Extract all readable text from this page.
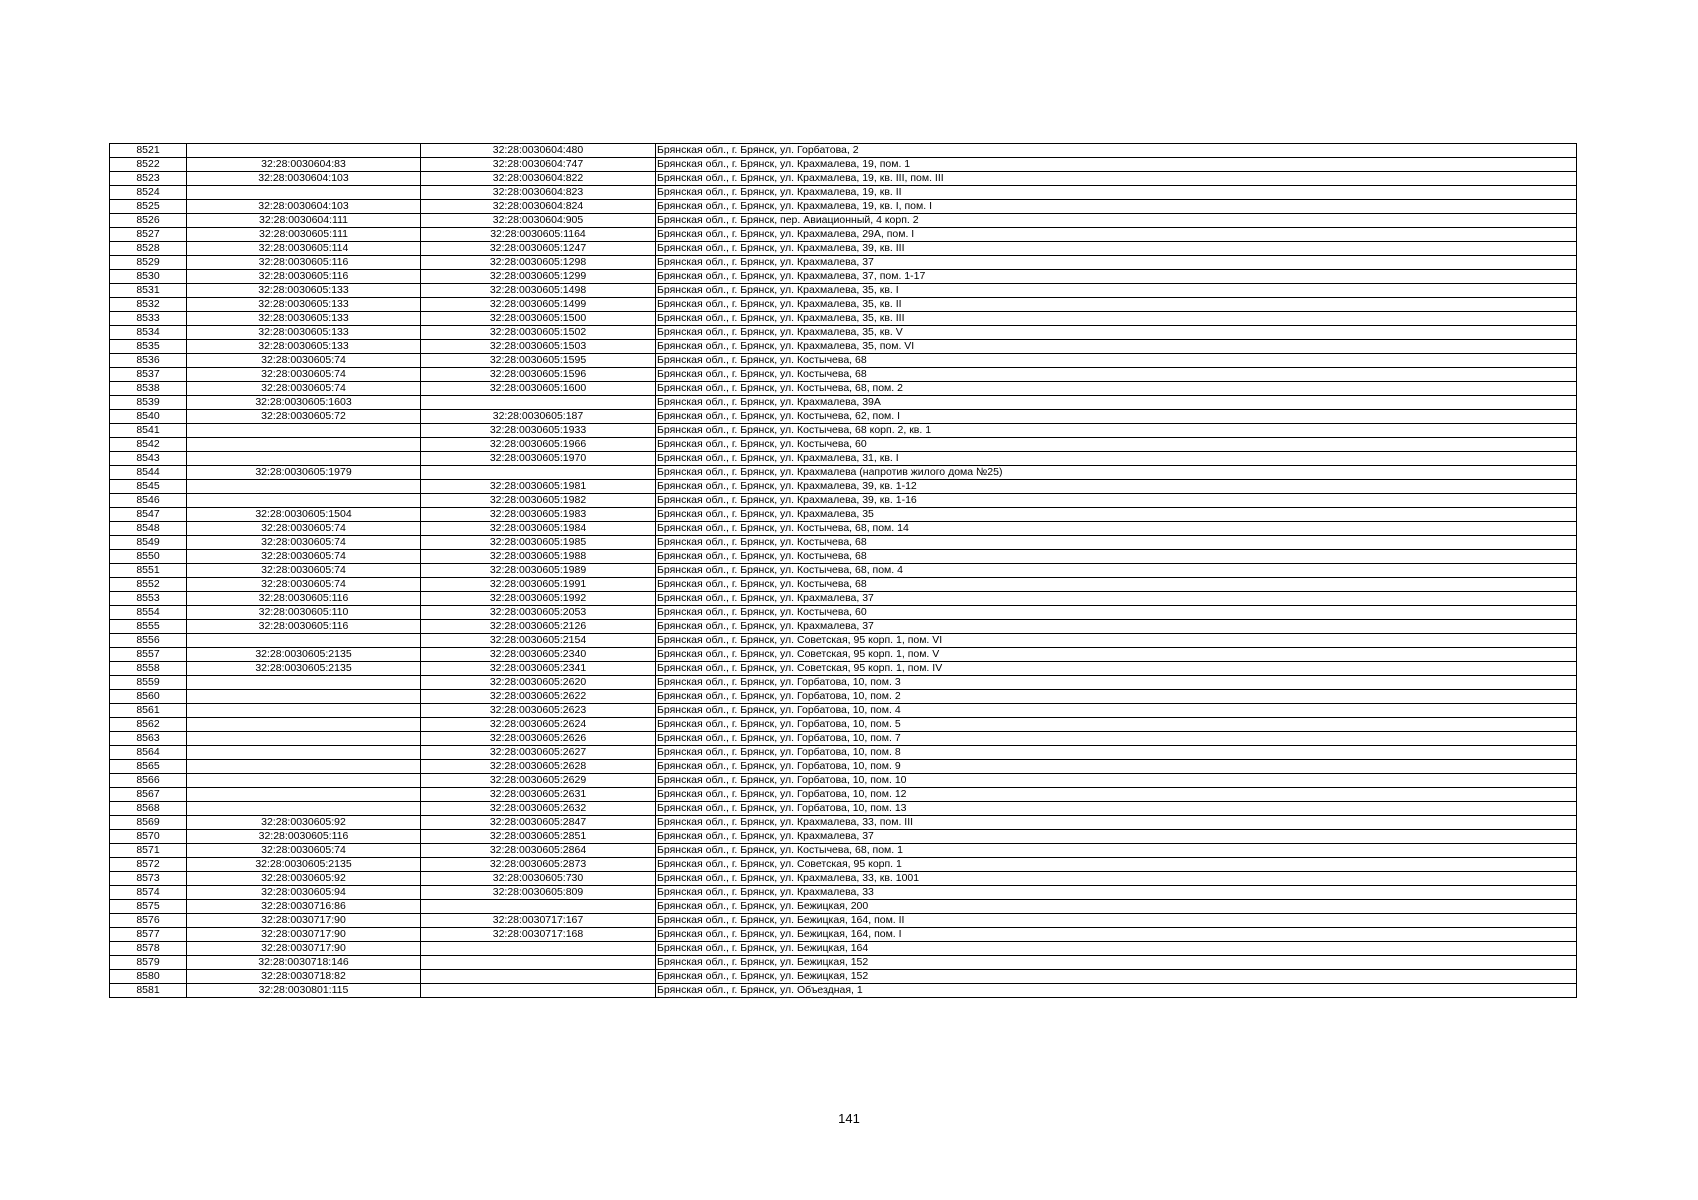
8521		32:28:0030604:480	Брянская обл., г. Брянск, ул. Горбатова, 2
8522	32:28:0030604:83	32:28:0030604:747	Брянская обл., г. Брянск, ул. Крахмалева, 19, пом. 1
8523	32:28:0030604:103	32:28:0030604:822	Брянская обл., г. Брянск, ул. Крахмалева, 19, кв. III, пом. III
8524		32:28:0030604:823	Брянская обл., г. Брянск, ул. Крахмалева, 19, кв. II
8525	32:28:0030604:103	32:28:0030604:824	Брянская обл., г. Брянск, ул. Крахмалева, 19, кв. I, пом. I
8526	32:28:0030604:111	32:28:0030604:905	Брянская обл., г. Брянск, пер. Авиационный, 4 корп. 2
8527	32:28:0030605:111	32:28:0030605:1164	Брянская обл., г. Брянск, ул. Крахмалева, 29А, пом. I
8528	32:28:0030605:114	32:28:0030605:1247	Брянская обл., г. Брянск, ул. Крахмалева, 39, кв. III
8529	32:28:0030605:116	32:28:0030605:1298	Брянская обл., г. Брянск, ул. Крахмалева, 37
8530	32:28:0030605:116	32:28:0030605:1299	Брянская обл., г. Брянск, ул. Крахмалева, 37, пом. 1-17
8531	32:28:0030605:133	32:28:0030605:1498	Брянская обл., г. Брянск, ул. Крахмалева, 35, кв. I
8532	32:28:0030605:133	32:28:0030605:1499	Брянская обл., г. Брянск, ул. Крахмалева, 35, кв. II
8533	32:28:0030605:133	32:28:0030605:1500	Брянская обл., г. Брянск, ул. Крахмалева, 35, кв. III
8534	32:28:0030605:133	32:28:0030605:1502	Брянская обл., г. Брянск, ул. Крахмалева, 35, кв. V
8535	32:28:0030605:133	32:28:0030605:1503	Брянская обл., г. Брянск, ул. Крахмалева, 35, пом. VI
8536	32:28:0030605:74	32:28:0030605:1595	Брянская обл., г. Брянск, ул. Костычева, 68
8537	32:28:0030605:74	32:28:0030605:1596	Брянская обл., г. Брянск, ул. Костычева, 68
8538	32:28:0030605:74	32:28:0030605:1600	Брянская обл., г. Брянск, ул. Костычева, 68, пом. 2
8539	32:28:0030605:1603		Брянская обл., г. Брянск, ул. Крахмалева, 39А
8540	32:28:0030605:72	32:28:0030605:187	Брянская обл., г. Брянск, ул. Костычева, 62, пом. I
8541		32:28:0030605:1933	Брянская обл., г. Брянск, ул. Костычева, 68 корп. 2, кв. 1
8542		32:28:0030605:1966	Брянская обл., г. Брянск, ул. Костычева, 60
8543		32:28:0030605:1970	Брянская обл., г. Брянск, ул. Крахмалева, 31, кв. I
8544	32:28:0030605:1979		Брянская обл., г. Брянск, ул. Крахмалева (напротив жилого дома №25)
8545		32:28:0030605:1981	Брянская обл., г. Брянск, ул. Крахмалева, 39, кв. 1-12
8546		32:28:0030605:1982	Брянская обл., г. Брянск, ул. Крахмалева, 39, кв. 1-16
8547	32:28:0030605:1504	32:28:0030605:1983	Брянская обл., г. Брянск, ул. Крахмалева, 35
8548	32:28:0030605:74	32:28:0030605:1984	Брянская обл., г. Брянск, ул. Костычева, 68, пом. 14
8549	32:28:0030605:74	32:28:0030605:1985	Брянская обл., г. Брянск, ул. Костычева, 68
8550	32:28:0030605:74	32:28:0030605:1988	Брянская обл., г. Брянск, ул. Костычева, 68
8551	32:28:0030605:74	32:28:0030605:1989	Брянская обл., г. Брянск, ул. Костычева, 68, пом. 4
8552	32:28:0030605:74	32:28:0030605:1991	Брянская обл., г. Брянск, ул. Костычева, 68
8553	32:28:0030605:116	32:28:0030605:1992	Брянская обл., г. Брянск, ул. Крахмалева, 37
8554	32:28:0030605:110	32:28:0030605:2053	Брянская обл., г. Брянск, ул. Костычева, 60
8555	32:28:0030605:116	32:28:0030605:2126	Брянская обл., г. Брянск, ул. Крахмалева, 37
8556		32:28:0030605:2154	Брянская обл., г. Брянск, ул. Советская, 95 корп. 1, пом. VI
8557	32:28:0030605:2135	32:28:0030605:2340	Брянская обл., г. Брянск, ул. Советская, 95 корп. 1, пом. V
8558	32:28:0030605:2135	32:28:0030605:2341	Брянская обл., г. Брянск, ул. Советская, 95 корп. 1, пом. IV
8559		32:28:0030605:2620	Брянская обл., г. Брянск, ул. Горбатова, 10, пом. 3
8560		32:28:0030605:2622	Брянская обл., г. Брянск, ул. Горбатова, 10, пом. 2
8561		32:28:0030605:2623	Брянская обл., г. Брянск, ул. Горбатова, 10, пом. 4
8562		32:28:0030605:2624	Брянская обл., г. Брянск, ул. Горбатова, 10, пом. 5
8563		32:28:0030605:2626	Брянская обл., г. Брянск, ул. Горбатова, 10, пом. 7
8564		32:28:0030605:2627	Брянская обл., г. Брянск, ул. Горбатова, 10, пом. 8
8565		32:28:0030605:2628	Брянская обл., г. Брянск, ул. Горбатова, 10, пом. 9
8566		32:28:0030605:2629	Брянская обл., г. Брянск, ул. Горбатова, 10, пом. 10
8567		32:28:0030605:2631	Брянская обл., г. Брянск, ул. Горбатова, 10, пом. 12
8568		32:28:0030605:2632	Брянская обл., г. Брянск, ул. Горбатова, 10, пом. 13
8569	32:28:0030605:92	32:28:0030605:2847	Брянская обл., г. Брянск, ул. Крахмалева, 33, пом. III
8570	32:28:0030605:116	32:28:0030605:2851	Брянская обл., г. Брянск, ул. Крахмалева, 37
8571	32:28:0030605:74	32:28:0030605:2864	Брянская обл., г. Брянск, ул. Костычева, 68, пом. 1
8572	32:28:0030605:2135	32:28:0030605:2873	Брянская обл., г. Брянск, ул. Советская, 95 корп. 1
8573	32:28:0030605:92	32:28:0030605:730	Брянская обл., г. Брянск, ул. Крахмалева, 33, кв. 1001
8574	32:28:0030605:94	32:28:0030605:809	Брянская обл., г. Брянск, ул. Крахмалева, 33
8575	32:28:0030716:86		Брянская обл., г. Брянск, ул. Бежицкая, 200
8576	32:28:0030717:90	32:28:0030717:167	Брянская обл., г. Брянск, ул. Бежицкая, 164, пом. II
8577	32:28:0030717:90	32:28:0030717:168	Брянская обл., г. Брянск, ул. Бежицкая, 164, пом. I
8578	32:28:0030717:90		Брянская обл., г. Брянск, ул. Бежицкая, 164
8579	32:28:0030718:146		Брянская обл., г. Брянск, ул. Бежицкая, 152
8580	32:28:0030718:82		Брянская обл., г. Брянск, ул. Бежицкая, 152
8581	32:28:0030801:115		Брянская обл., г. Брянск, ул. Объездная, 1
141
